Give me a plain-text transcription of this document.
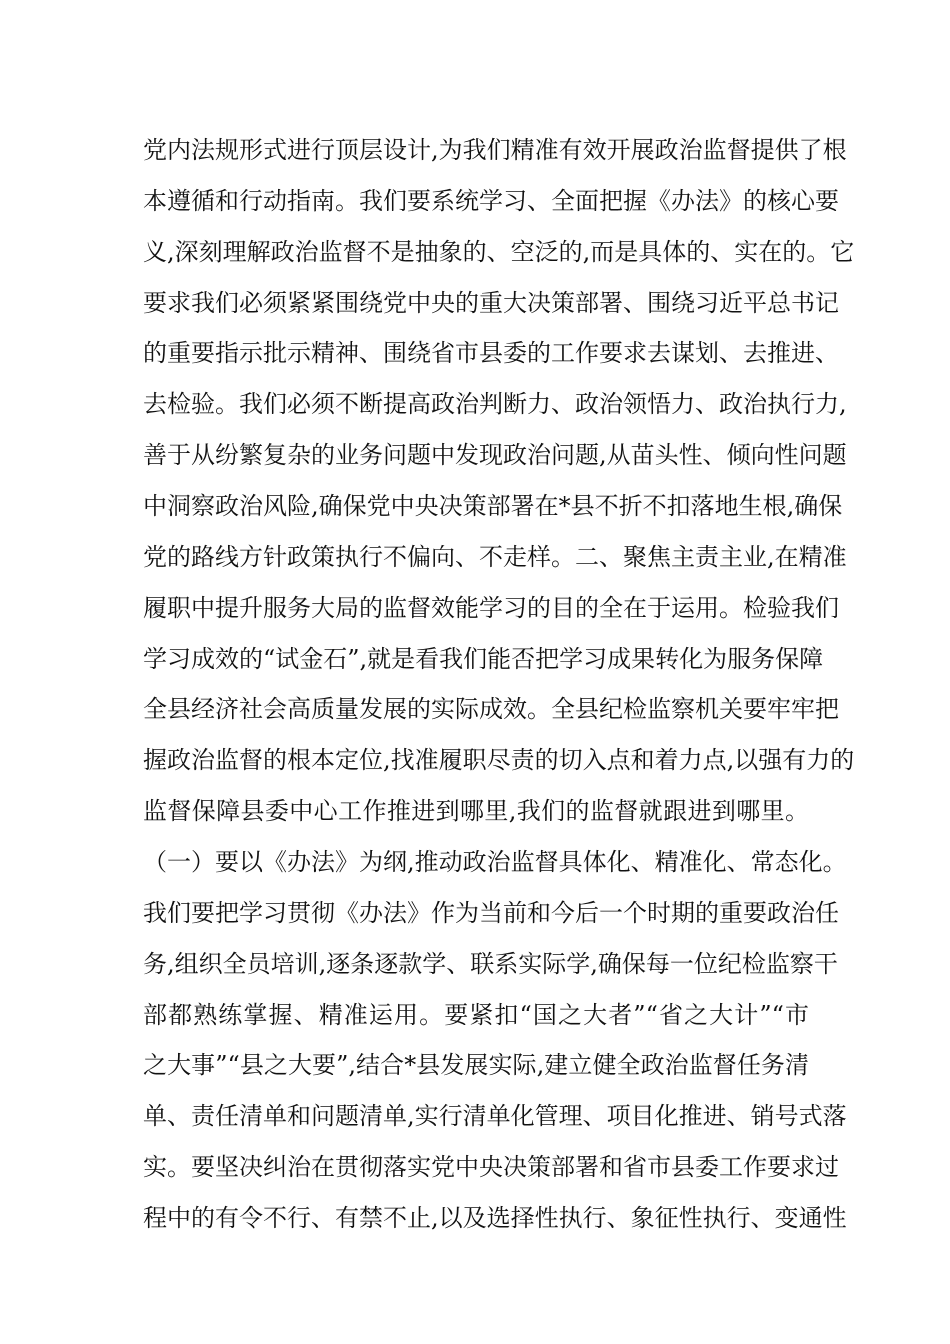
党内法规形式进行顶层设计,为我们精准有效开展政治监督提供了根
本遵循和行动指南。我们要系统学习、全面把握《办法》的核心要
义,深刻理解政治监督不是抽象的、空泛的,而是具体的、实在的。它
要求我们必须紧紧围绕党中央的重大决策部署、围绕习近平总书记
的重要指示批示精神、围绕省市县委的工作要求去谋划、去推进、
去检验。我们必须不断提高政治判断力、政治领悟力、政治执行力,
善于从纷繁复杂的业务问题中发现政治问题,从苗头性、倾向性问题
中洞察政治风险,确保党中央决策部署在*县不折不扣落地生根,确保
党的路线方针政策执行不偏向、不走样。二、聚焦主责主业,在精准
履职中提升服务大局的监督效能学习的目的全在于运用。检验我们
学习成效的“试金石”,就是看我们能否把学习成果转化为服务保障
全县经济社会高质量发展的实际成效。全县纪检监察机关要牢牢把
握政治监督的根本定位,找准履职尽责的切入点和着力点,以强有力的
监督保障县委中心工作推进到哪里,我们的监督就跟进到哪里。
（一）要以《办法》为纲,推动政治监督具体化、精准化、常态化。
我们要把学习贯彻《办法》作为当前和今后一个时期的重要政治任
务,组织全员培训,逐条逐款学、联系实际学,确保每一位纪检监察干
部都熟练掌握、精准运用。要紧扣“国之大者”“省之大计”“市
之大事”“县之大要”,结合*县发展实际,建立健全政治监督任务清
单、责任清单和问题清单,实行清单化管理、项目化推进、销号式落
实。要坚决纠治在贯彻落实党中央决策部署和省市县委工作要求过
程中的有令不行、有禁不止,以及选择性执行、象征性执行、变通性
